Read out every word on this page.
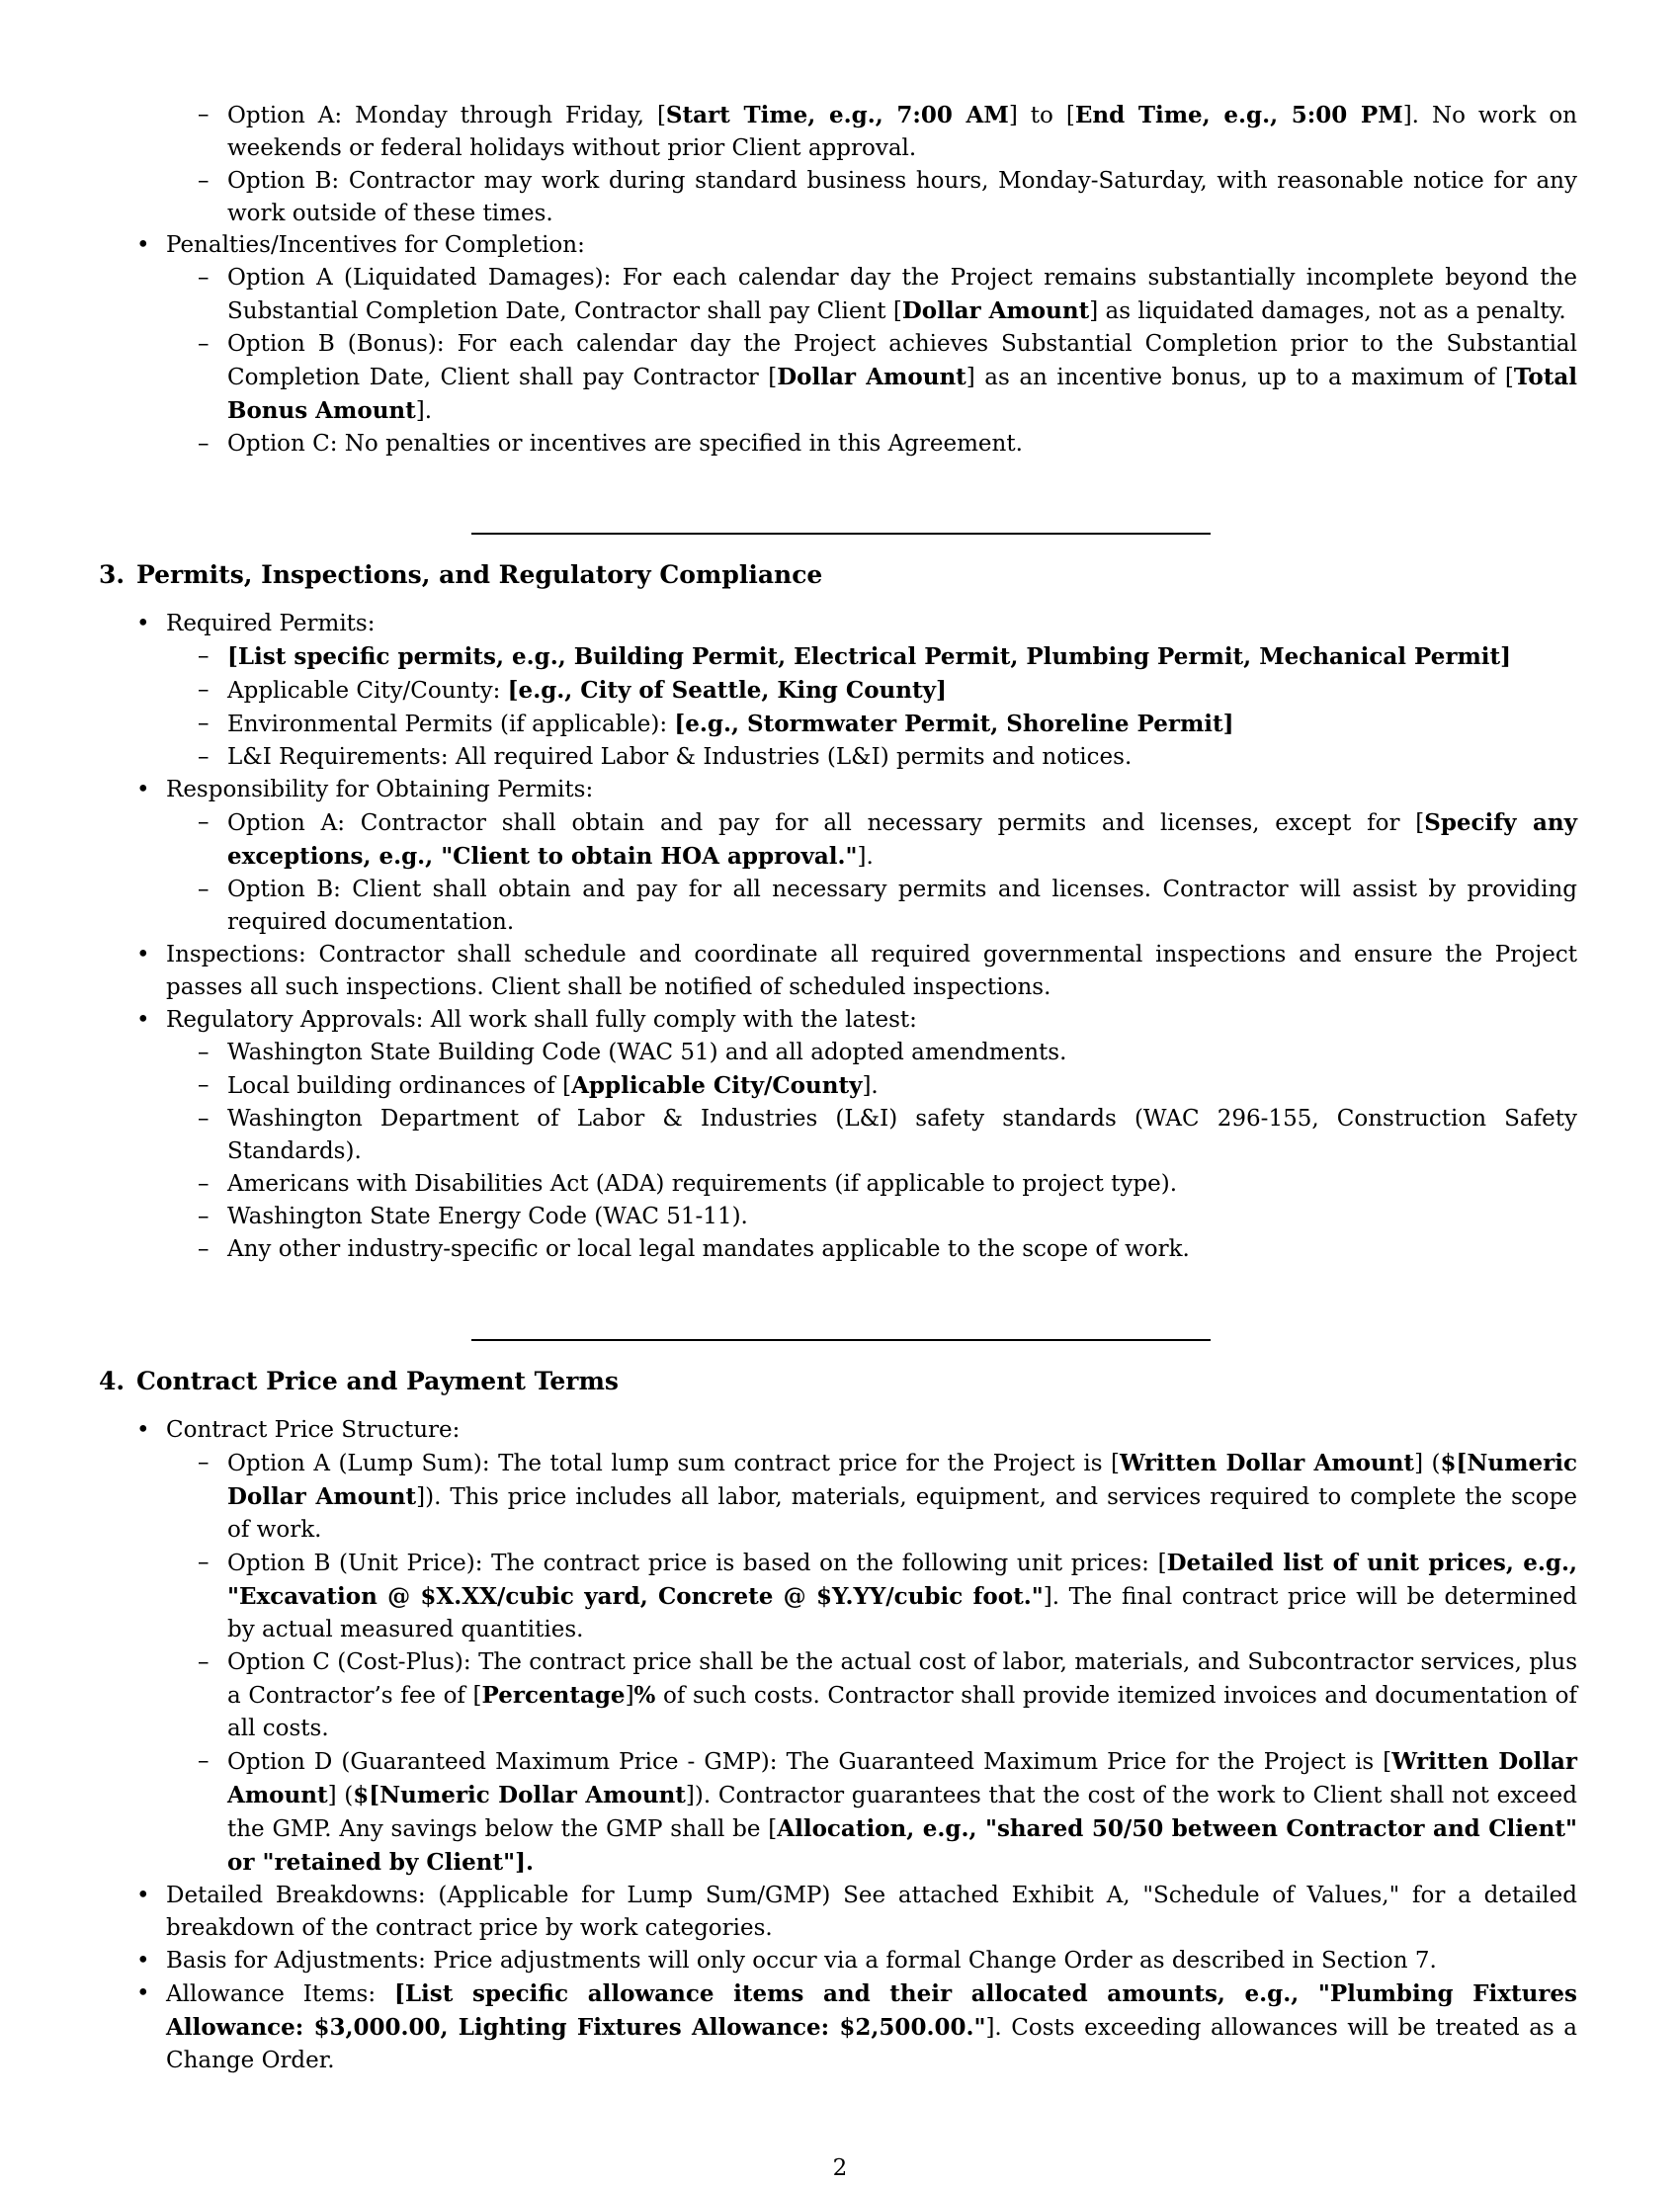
– Option A: Monday through Friday, [Start Time, e.g., 7:00 AM] to [End Time, e.g., 5:00 PM]. No work on weekends or federal holidays without prior Client approval.
– Option B: Contractor may work during standard business hours, Monday-Saturday, with reasonable notice for any work outside of these times.
• Penalties/Incentives for Completion:
– Option A (Liquidated Damages): For each calendar day the Project remains substantially incomplete beyond the Substantial Completion Date, Contractor shall pay Client [Dollar Amount] as liquidated damages, not as a penalty.
– Option B (Bonus): For each calendar day the Project achieves Substantial Completion prior to the Substantial Completion Date, Client shall pay Contractor [Dollar Amount] as an incentive bonus, up to a maximum of [Total Bonus Amount].
– Option C: No penalties or incentives are specified in this Agreement.
3. Permits, Inspections, and Regulatory Compliance
• Required Permits:
– [List specific permits, e.g., Building Permit, Electrical Permit, Plumbing Permit, Mechanical Permit]
– Applicable City/County: [e.g., City of Seattle, King County]
– Environmental Permits (if applicable): [e.g., Stormwater Permit, Shoreline Permit]
– L&I Requirements: All required Labor & Industries (L&I) permits and notices.
• Responsibility for Obtaining Permits:
– Option A: Contractor shall obtain and pay for all necessary permits and licenses, except for [Specify any exceptions, e.g., "Client to obtain HOA approval."].
– Option B: Client shall obtain and pay for all necessary permits and licenses. Contractor will assist by providing required documentation.
• Inspections: Contractor shall schedule and coordinate all required governmental inspections and ensure the Project passes all such inspections. Client shall be notified of scheduled inspections.
• Regulatory Approvals: All work shall fully comply with the latest:
– Washington State Building Code (WAC 51) and all adopted amendments.
– Local building ordinances of [Applicable City/County].
– Washington Department of Labor & Industries (L&I) safety standards (WAC 296-155, Construction Safety Standards).
– Americans with Disabilities Act (ADA) requirements (if applicable to project type).
– Washington State Energy Code (WAC 51-11).
– Any other industry-specific or local legal mandates applicable to the scope of work.
4. Contract Price and Payment Terms
• Contract Price Structure:
– Option A (Lump Sum): The total lump sum contract price for the Project is [Written Dollar Amount] ($[Numeric Dollar Amount]). This price includes all labor, materials, equipment, and services required to complete the scope of work.
– Option B (Unit Price): The contract price is based on the following unit prices: [Detailed list of unit prices, e.g., "Excavation @ $X.XX/cubic yard, Concrete @ $Y.YY/cubic foot."]. The final contract price will be determined by actual measured quantities.
– Option C (Cost-Plus): The contract price shall be the actual cost of labor, materials, and Subcontractor services, plus a Contractor’s fee of [Percentage]% of such costs. Contractor shall provide itemized invoices and documentation of all costs.
– Option D (Guaranteed Maximum Price - GMP): The Guaranteed Maximum Price for the Project is [Written Dollar Amount] ($[Numeric Dollar Amount]). Contractor guarantees that the cost of the work to Client shall not exceed the GMP. Any savings below the GMP shall be [Allocation, e.g., "shared 50/50 between Contractor and Client" or "retained by Client"].
• Detailed Breakdowns: (Applicable for Lump Sum/GMP) See attached Exhibit A, "Schedule of Values," for a detailed breakdown of the contract price by work categories.
• Basis for Adjustments: Price adjustments will only occur via a formal Change Order as described in Section 7.
• Allowance Items: [List specific allowance items and their allocated amounts, e.g., "Plumbing Fixtures Allowance: $3,000.00, Lighting Fixtures Allowance: $2,500.00."]. Costs exceeding allowances will be treated as a Change Order.
2
